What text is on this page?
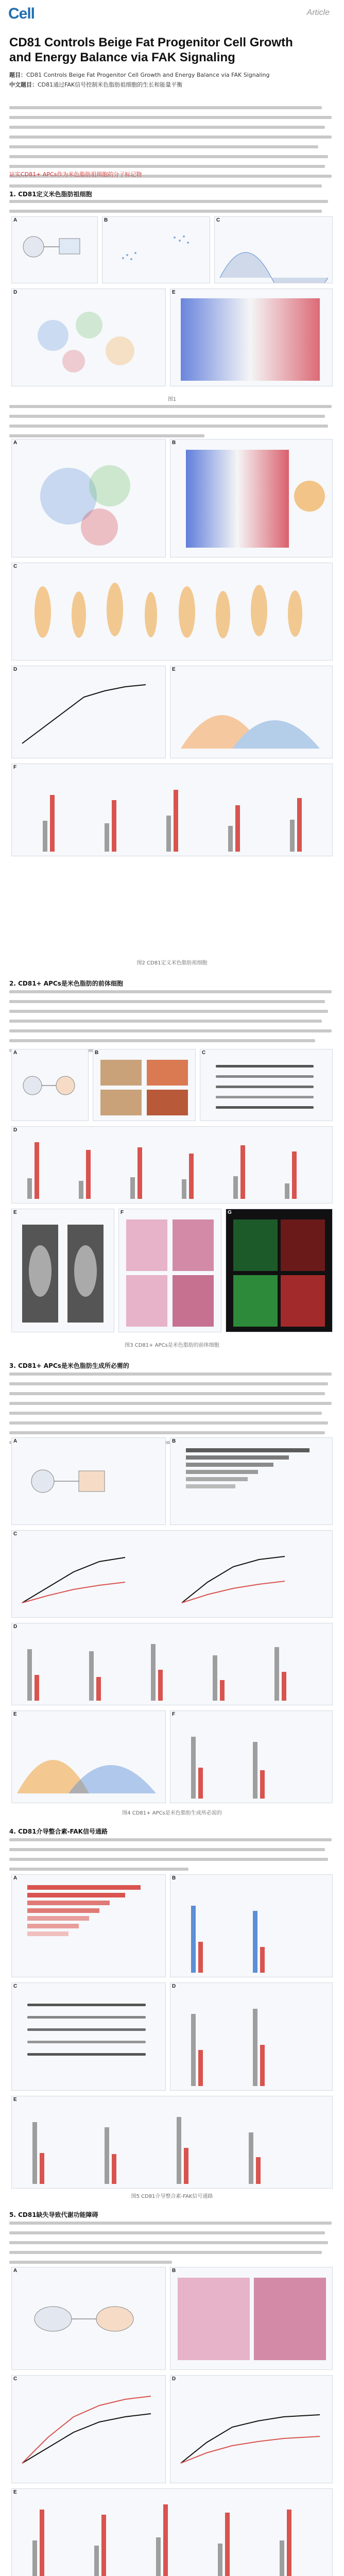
Cell	Article
CD81 Controls Beige Fat Progenitor Cell Growth and Energy Balance via FAK Signaling
题目：CD81 Controls Beige Fat Progenitor Cell Growth and Energy Balance via FAK Signaling
中文题目：CD81通过FAK信号控制米色脂肪祖细胞的生长和能量平衡
证实CD81+ APCs作为米色脂肪祖细胞的分子标记物
1. CD81定义米色脂肪祖细胞
A	B	C
D	E
图1
A	B
C
D	E
F
图2 CD81定义米色脂肪祖细胞
2. CD81+ APCs是米色脂肪的前体细胞
A	B	C
D
E	F	G
图3 CD81+ APCs是米色脂肪的前体细胞
3. CD81+ APCs是米色脂肪生成所必需的
A	B
C
D
E	F
图4 CD81+ APCs是米色脂肪生成所必需的
4. CD81介导整合素-FAK信号通路
A	B
C	D
E
图5 CD81介导整合素-FAK信号通路
5. CD81缺失导致代谢功能障碍
A	B
C	D
E
